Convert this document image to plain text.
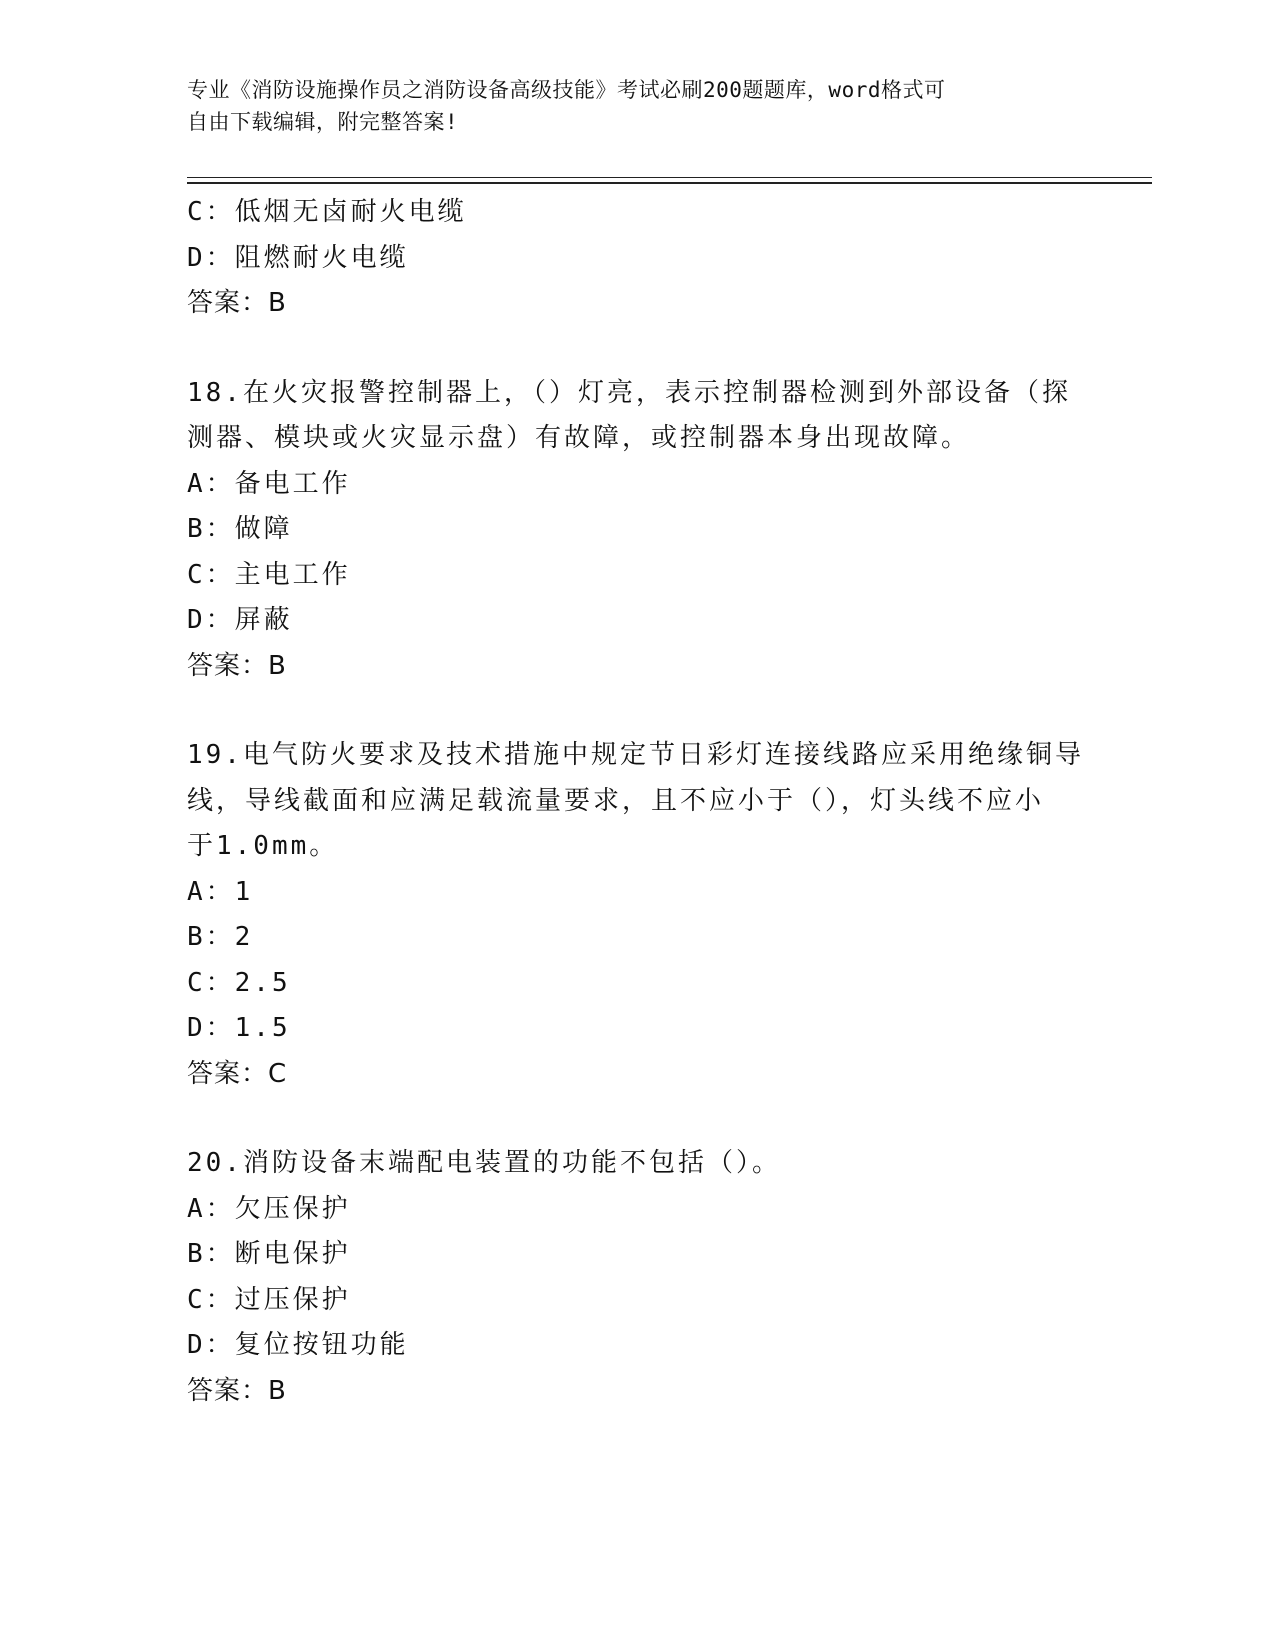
专业《消防设施操作员之消防设备高级技能》考试必刷200题题库，word格式可
自由下载编辑，附完整答案!
C：低烟无卤耐火电缆
D：阻燃耐火电缆
答案：B
18.在火灾报警控制器上，（）灯亮，表示控制器检测到外部设备（探
测器、模块或火灾显示盘）有故障，或控制器本身出现故障。
A：备电工作
B：做障
C：主电工作
D：屏蔽
答案：B
19.电气防火要求及技术措施中规定节日彩灯连接线路应采用绝缘铜导
线，导线截面和应满足载流量要求，且不应小于（），灯头线不应小
于1.0mm。
A：1
B：2
C：2.5
D：1.5
答案：C
20.消防设备末端配电装置的功能不包括（）。
A：欠压保护
B：断电保护
C：过压保护
D：复位按钮功能
答案：B
